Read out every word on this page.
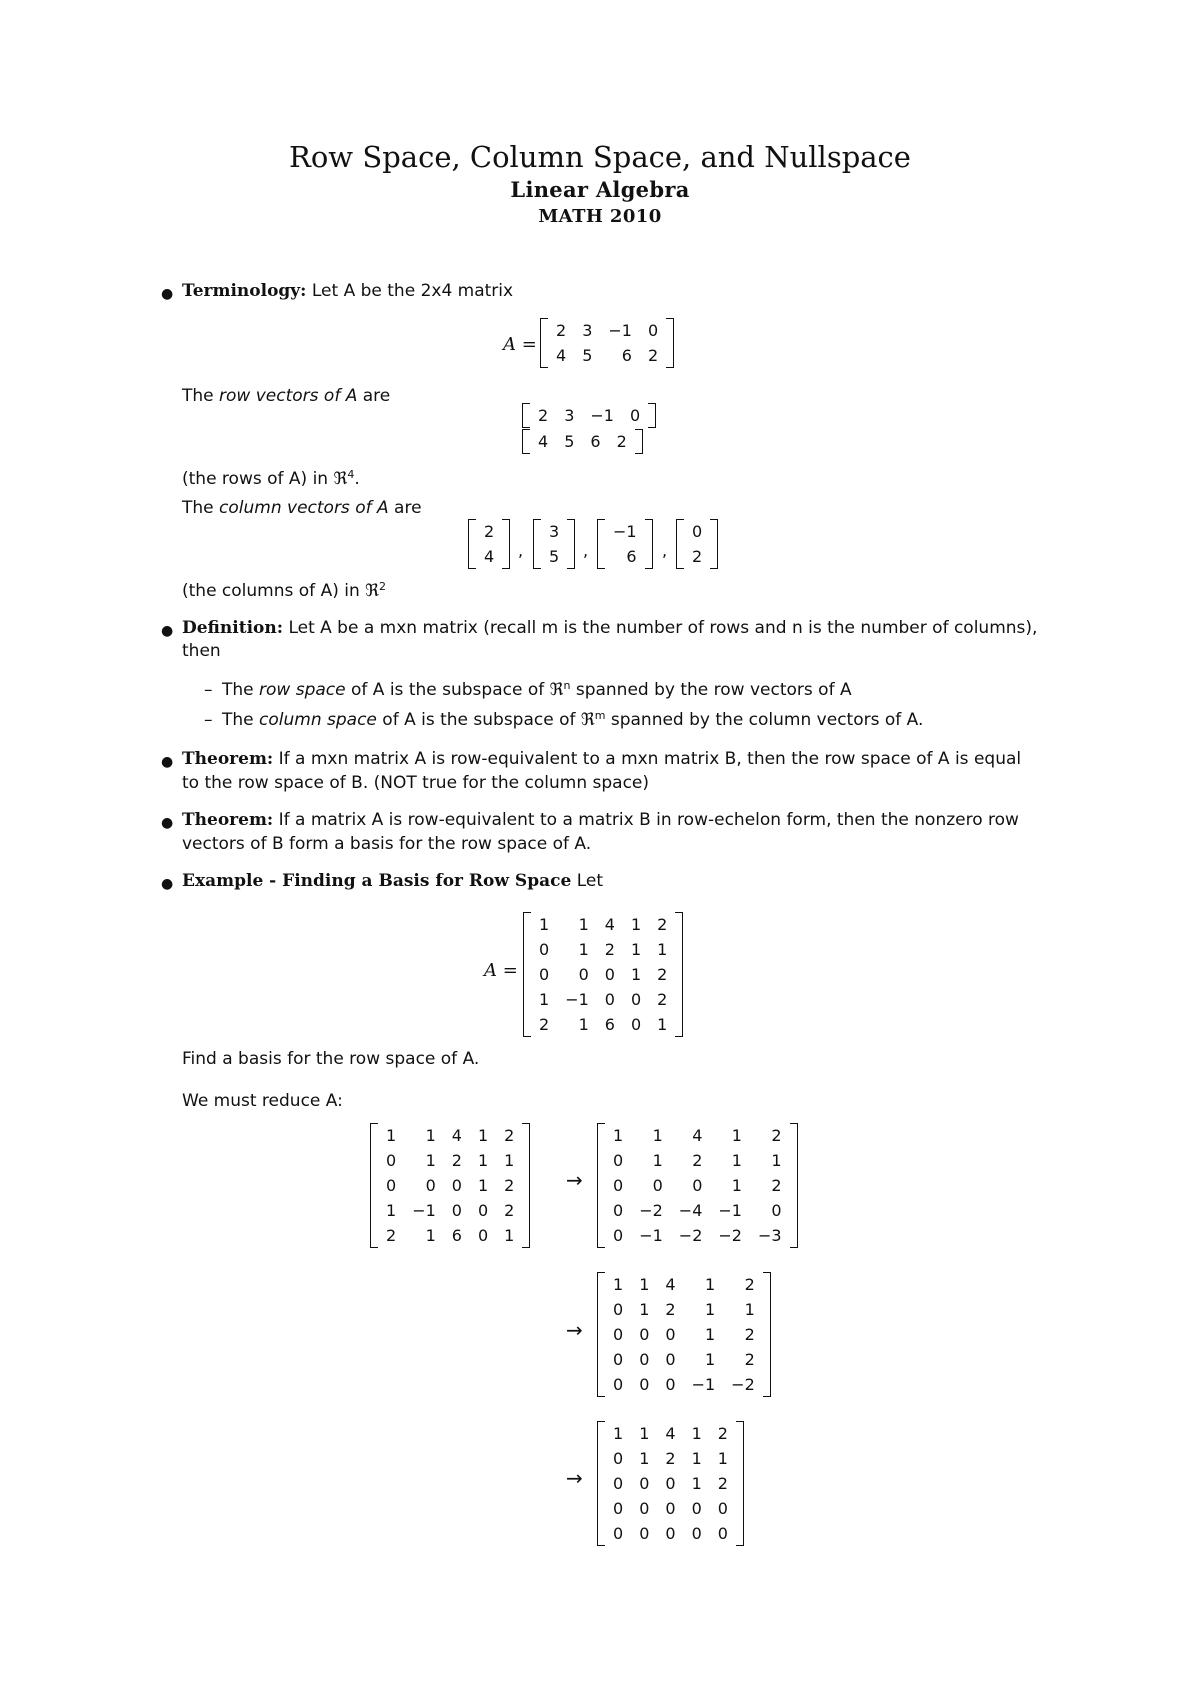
Row Space, Column Space, and Nullspace
Linear Algebra
MATH 2010
● Terminology: Let A be the 2x4 matrix
A =
2	3	−1	0
4	5	6	2
The row vectors of A are
2	3	−1	0
4	5	6	2
(the rows of A) in ℜ$^4$.
The column vectors of A are
2
4 ,
3
5 ,
−1
6 ,
0
2
(the columns of A) in ℜ$^2$
● Definition: Let A be a mxn matrix (recall m is the number of rows and n is the number of columns),
then
– The row space of A is the subspace of ℜ$^n$ spanned by the row vectors of A
– The column space of A is the subspace of ℜ$^m$ spanned by the column vectors of A.
● Theorem: If a mxn matrix A is row-equivalent to a mxn matrix B, then the row space of A is equal
to the row space of B. (NOT true for the column space)
● Theorem: If a matrix A is row-equivalent to a matrix B in row-echelon form, then the nonzero row
vectors of B form a basis for the row space of A.
● Example - Finding a Basis for Row Space Let
A =
1	1	4	1	2
0	1	2	1	1
0	0	0	1	2
1	−1	0	0	2
2	1	6	0	1
Find a basis for the row space of A.
We must reduce A:
1	1	4	1	2
0	1	2	1	1
0	0	0	1	2
1	−1	0	0	2
2	1	6	0	1
→
1	1	4	1	2
0	1	2	1	1
0	0	0	1	2
0	−2	−4	−1	0
0	−1	−2	−2	−3
→
1	1	4	1	2
0	1	2	1	1
0	0	0	1	2
0	0	0	1	2
0	0	0	−1	−2
→
1	1	4	1	2
0	1	2	1	1
0	0	0	1	2
0	0	0	0	0
0	0	0	0	0
